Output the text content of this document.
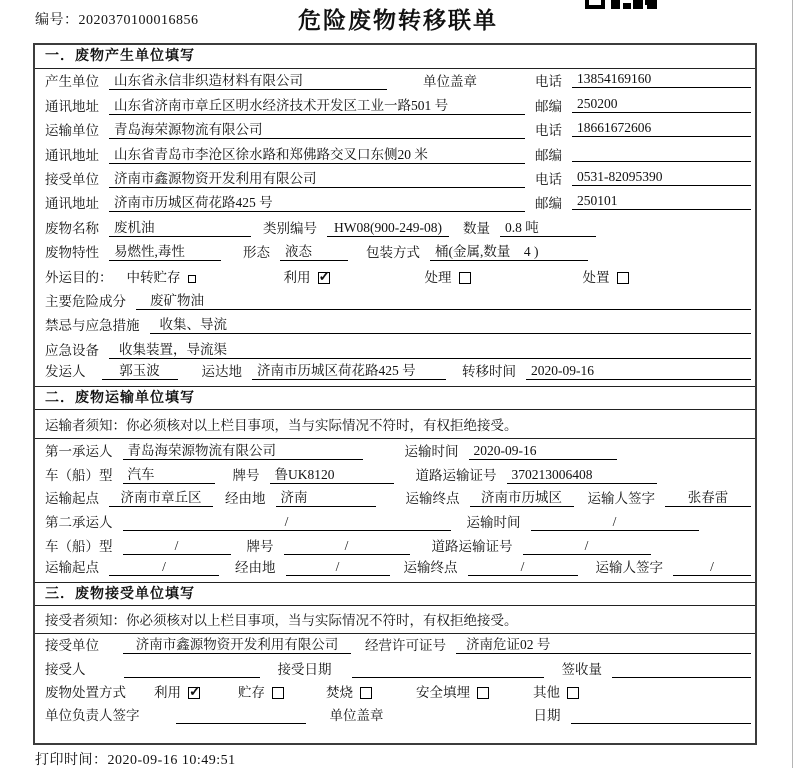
编号：2020370100016856	危险废物转移联单
一．废物产生单位填写
产生单位	山东省永信非织造材料有限公司	单位盖章	电话	13854169160
通讯地址	山东省济南市章丘区明水经济技术开发区工业一路501 号	邮编	250200
运输单位	青岛海荣源物流有限公司	电话	18661672606
通讯地址	山东省青岛市李沧区徐水路和郑佛路交叉口东侧20 米	邮编
接受单位	济南市鑫源物资开发利用有限公司	电话	0531-82095390
通讯地址	济南市历城区荷花路425 号	邮编	250101
废物名称	废机油	类别编号	HW08(900-249-08)	数量	0.8 吨
废物特性	易燃性,毒性	形态	液态	包装方式	桶(金属,数量　4 )
外运目的：	中转贮存	利用 ✓	处理	处置
主要危险成分	废矿物油
禁忌与应急措施	收集、导流
应急设备	收集装置，导流渠
发运人	郭玉波	运达地	济南市历城区荷花路425 号	转移时间	2020-09-16
二．废物运输单位填写
运输者须知： 你必须核对以上栏目事项，当与实际情况不符时，有权拒绝接受。
第一承运人	青岛海荣源物流有限公司	运输时间	2020-09-16
车（船）型	汽车	牌号	鲁UK8120	道路运输证号	370213006408
运输起点	济南市章丘区	经由地	济南	运输终点	济南市历城区	运输人签字	张春雷
第二承运人	/	运输时间	/
车（船）型	/	牌号	/	道路运输证号	/
运输起点	/	经由地	/	运输终点	/	运输人签字	/
三．废物接受单位填写
接受者须知： 你必须核对以上栏目事项，当与实际情况不符时，有权拒绝接受。
接受单位	济南市鑫源物资开发利用有限公司	经营许可证号	济南危证02 号
接受人	接受日期	签收量
废物处置方式	利用 ✓	贮存	焚烧	安全填埋	其他
单位负责人签字	单位盖章	日期
打印时间：2020-09-16 10:49:51
